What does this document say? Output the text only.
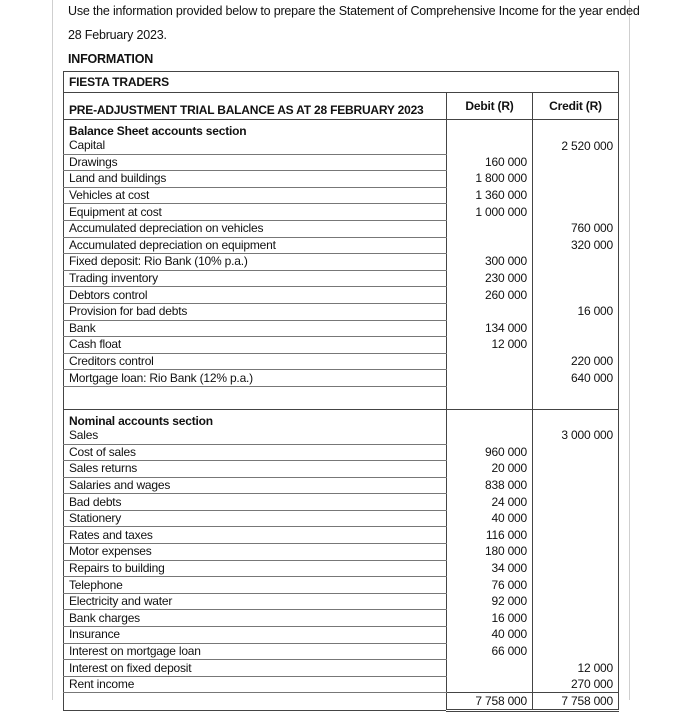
Use the information provided below to prepare the Statement of Comprehensive Income for the year ended
28 February 2023.
INFORMATION
FIESTA TRADERS		
PRE-ADJUSTMENT TRIAL BALANCE AS AT 28 FEBRUARY 2023	Debit (R)	Credit (R)
Balance Sheet accounts section		
Capital		2 520 000
Drawings	160 000	
Land and buildings	1 800 000	
Vehicles at cost	1 360 000	
Equipment at cost	1 000 000	
Accumulated depreciation on vehicles		760 000
Accumulated depreciation on equipment		320 000
Fixed deposit: Rio Bank (10% p.a.)	300 000	
Trading inventory	230 000	
Debtors control	260 000	
Provision for bad debts		16 000
Bank	134 000	
Cash float	12 000	
Creditors control		220 000
Mortgage loan: Rio Bank (12% p.a.)		640 000

Nominal accounts section		
Sales		3 000 000
Cost of sales	960 000	
Sales returns	20 000	
Salaries and wages	838 000	
Bad debts	24 000	
Stationery	40 000	
Rates and taxes	116 000	
Motor expenses	180 000	
Repairs to building	34 000	
Telephone	76 000	
Electricity and water	92 000	
Bank charges	16 000	
Insurance	40 000	
Interest on mortgage loan	66 000	
Interest on fixed deposit		12 000
Rent income		270 000
	7 758 000	7 758 000
